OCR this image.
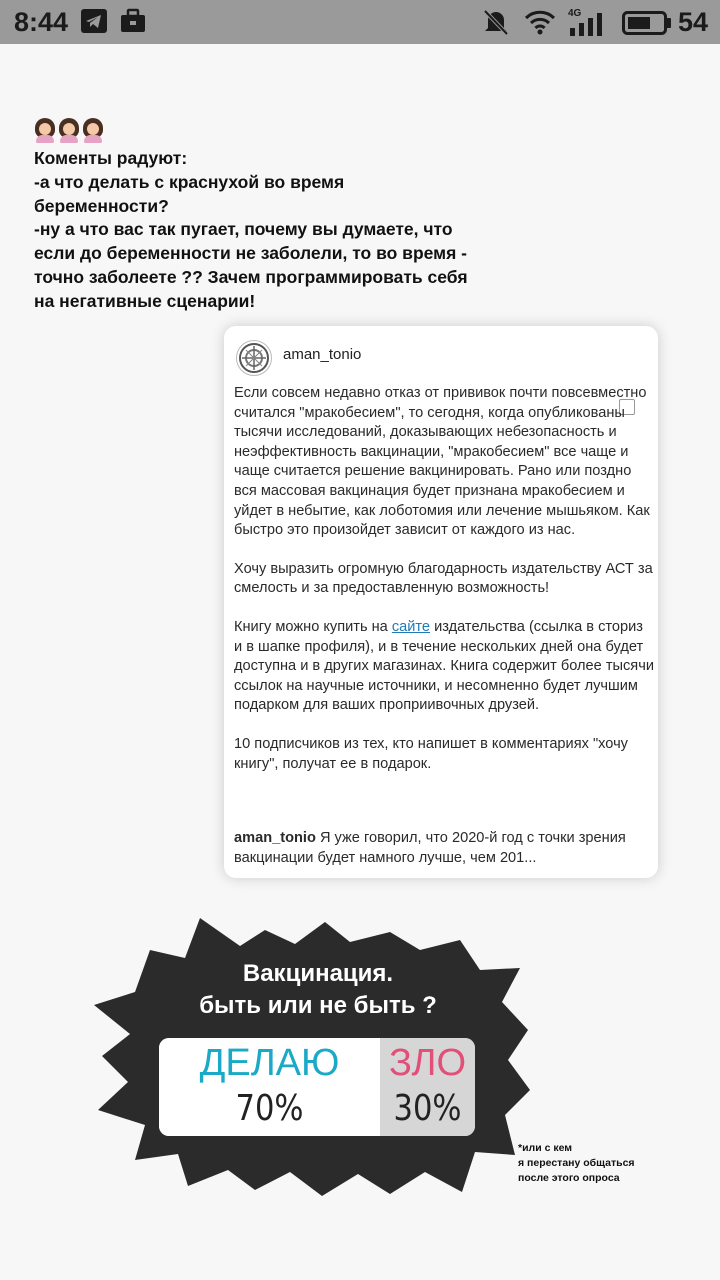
8:44	4G	54
Коменты радуют:
-а что делать с краснухой во время
беременности?
-ну а что вас так пугает, почему вы думаете, что
если до беременности не заболели, то во время -
точно заболеете ?? Зачем программировать себя
на негативные сценарии!
aman_tonio

Если совсем недавно отказ от прививок почти повсевместно считался "мракобесием", то сегодня, когда опубликованы тысячи исследований, доказывающих небезопасность и неэффективность вакцинации, "мракобесием" все чаще и чаще считается решение вакцинировать. Рано или поздно вся массовая вакцинация будет признана мракобесием и уйдет в небытие, как лоботомия или лечение мышьяком. Как быстро это произойдет зависит от каждого из нас.

Хочу выразить огромную благодарность издательству АСТ за смелость и за предоставленную возможность!

Книгу можно купить на сайте издательства (ссылка в сториз и в шапке профиля), и в течение нескольких дней она будет доступна и в других магазинах. Книга содержит более тысячи ссылок на научные источники, и несомненно будет лучшим подарком для ваших проприивочных друзей.

10 подписчиков из тех, кто напишет в комментариях "хочу книгу", получат ее в подарок.

aman_tonio Я уже говорил, что 2020-й год с точки зрения вакцинации будет намного лучше, чем 201...
Вакцинация.
быть или не быть ?
ДЕЛАЮ
70%
ЗЛО
30%
*или с кем
я перестану общаться
после этого опроса
